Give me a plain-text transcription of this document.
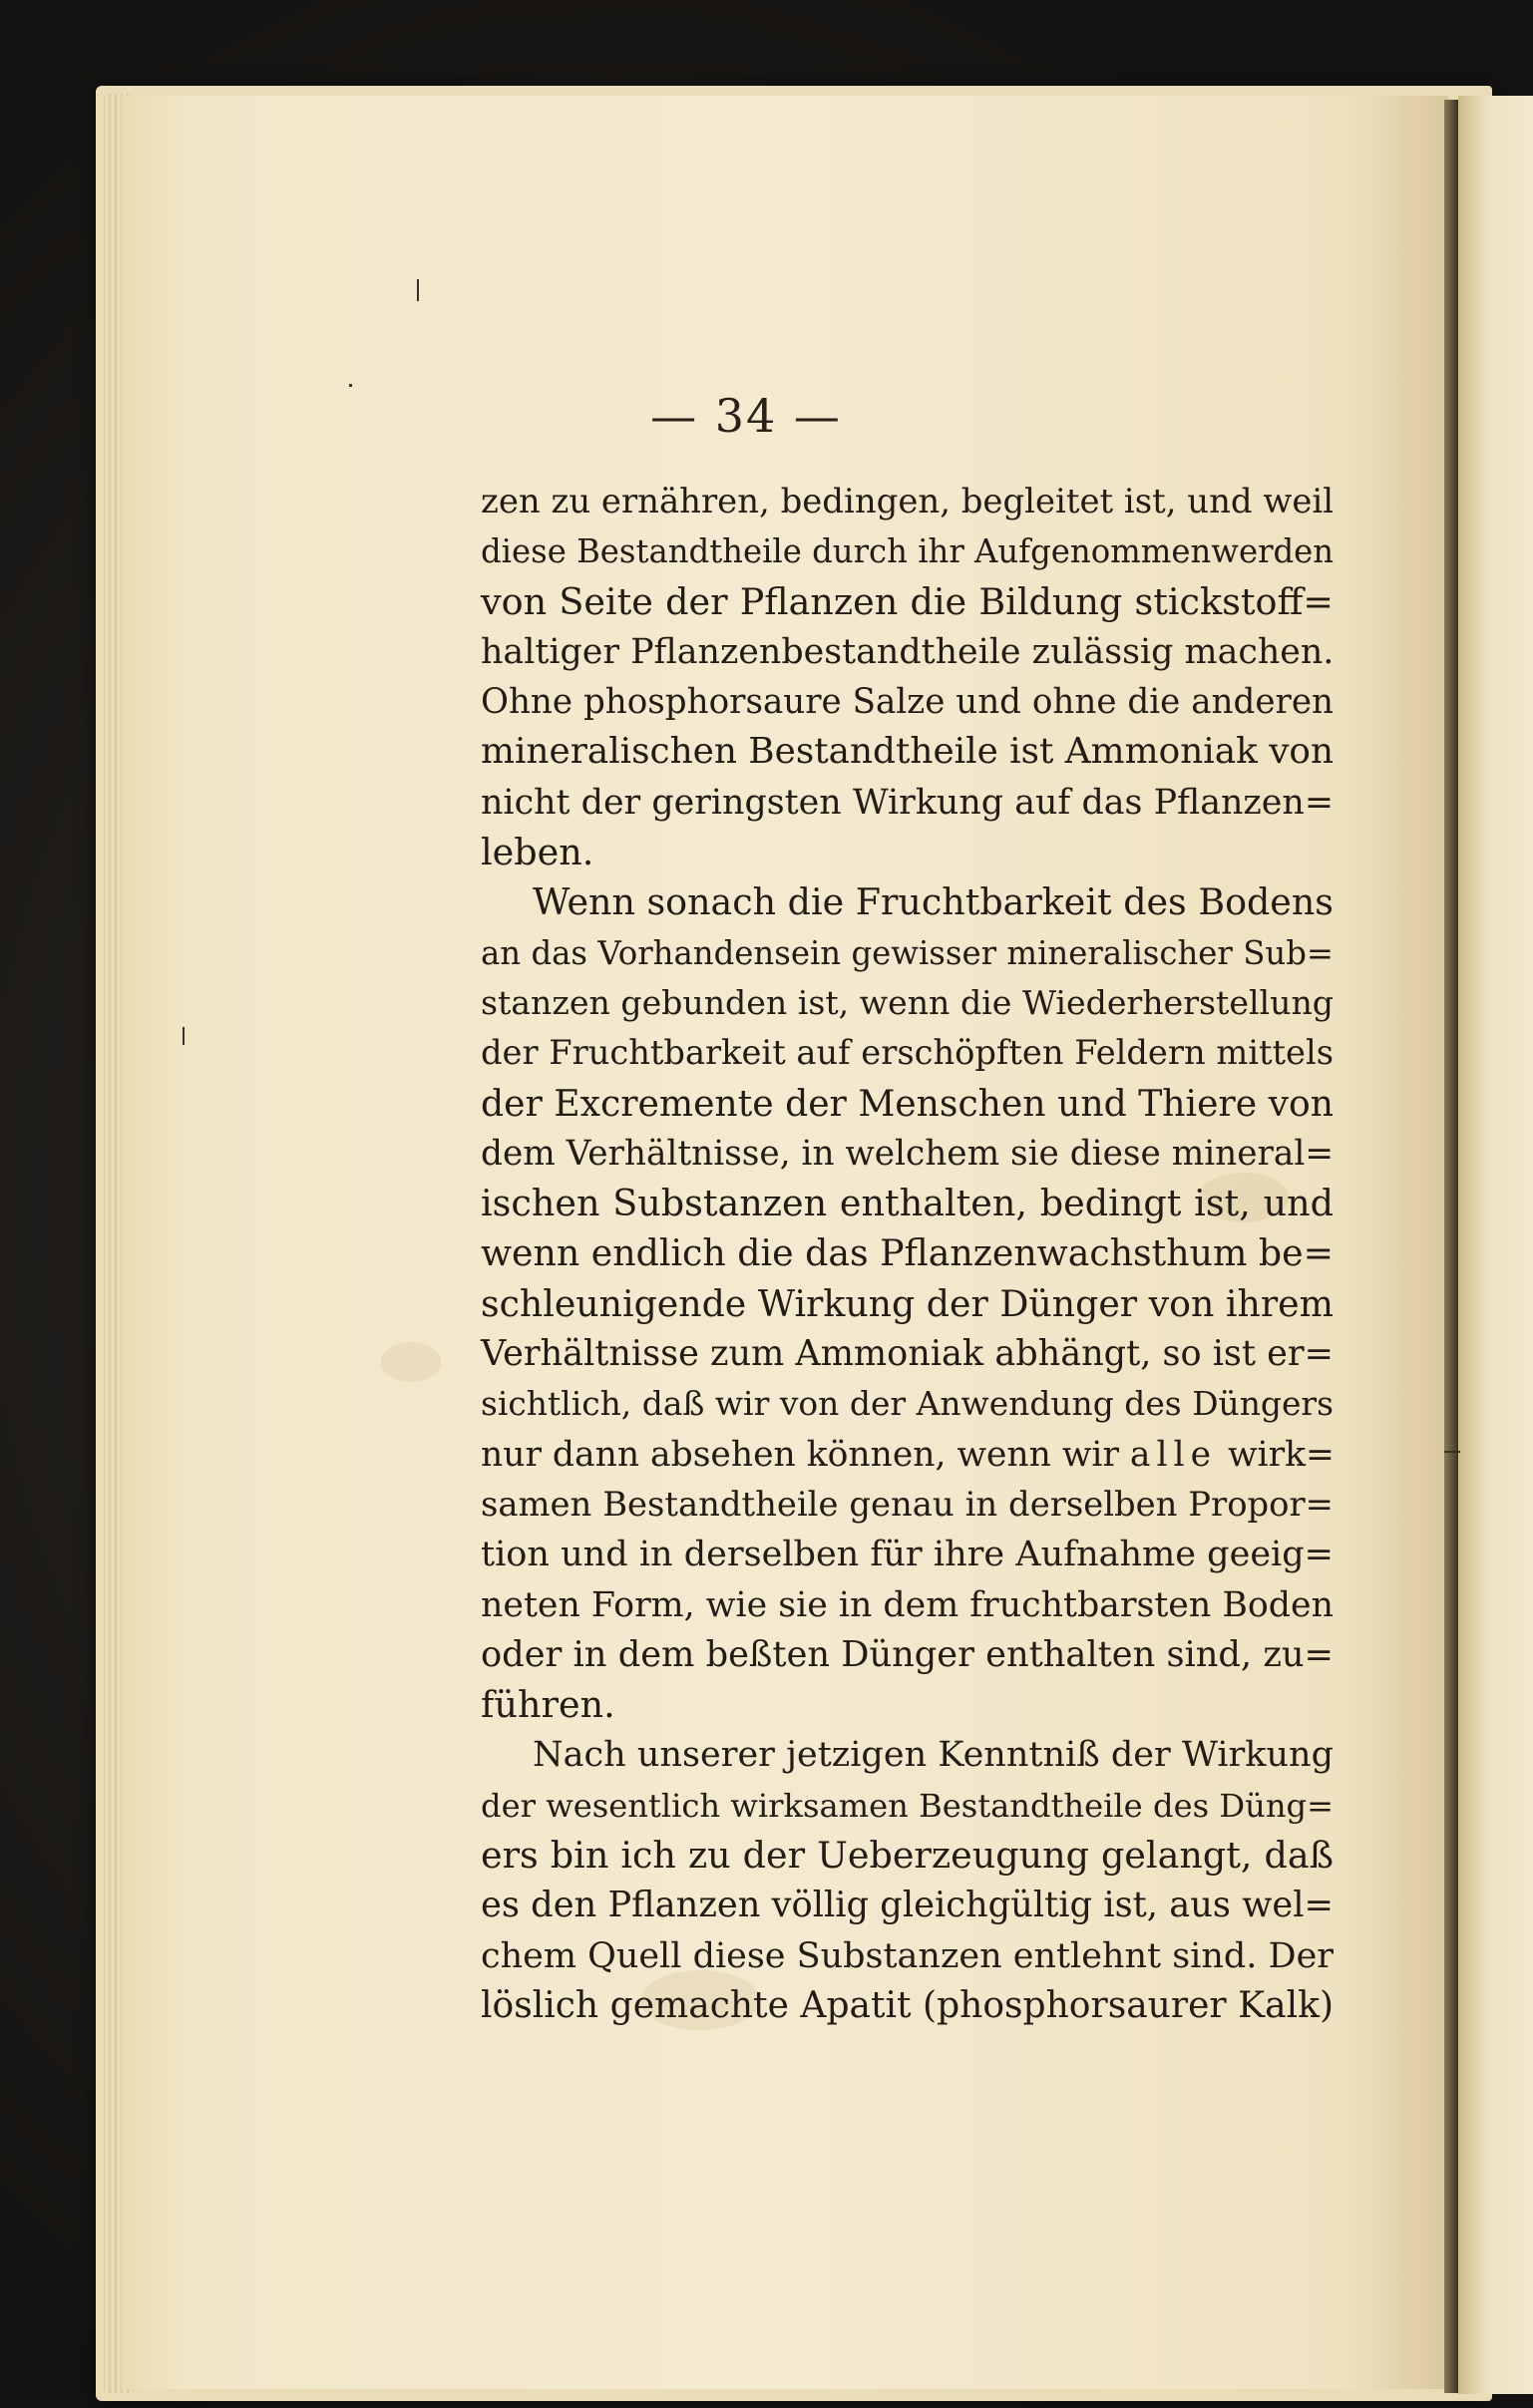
— 34 —
zen zu ernähren, bedingen, begleitet ist, und weil
diese Bestandtheile durch ihr Aufgenommenwerden
von Seite der Pflanzen die Bildung stickstoff=
haltiger Pflanzenbestandtheile zulässig machen.
Ohne phosphorsaure Salze und ohne die anderen
mineralischen Bestandtheile ist Ammoniak von
nicht der geringsten Wirkung auf das Pflanzen=
leben.
Wenn sonach die Fruchtbarkeit des Bodens
an das Vorhandensein gewisser mineralischer Sub=
stanzen gebunden ist, wenn die Wiederherstellung
der Fruchtbarkeit auf erschöpften Feldern mittels
der Excremente der Menschen und Thiere von
dem Verhältnisse, in welchem sie diese mineral=
ischen Substanzen enthalten, bedingt ist, und
wenn endlich die das Pflanzenwachsthum be=
schleunigende Wirkung der Dünger von ihrem
Verhältnisse zum Ammoniak abhängt, so ist er=
sichtlich, daß wir von der Anwendung des Düngers
nur dann absehen können, wenn wir alle wirk=
samen Bestandtheile genau in derselben Propor=
tion und in derselben für ihre Aufnahme geeig=
neten Form, wie sie in dem fruchtbarsten Boden
oder in dem beßten Dünger enthalten sind, zu=
führen.
Nach unserer jetzigen Kenntniß der Wirkung
der wesentlich wirksamen Bestandtheile des Düng=
ers bin ich zu der Ueberzeugung gelangt, daß
es den Pflanzen völlig gleichgültig ist, aus wel=
chem Quell diese Substanzen entlehnt sind. Der
löslich gemachte Apatit (phosphorsaurer Kalk)
